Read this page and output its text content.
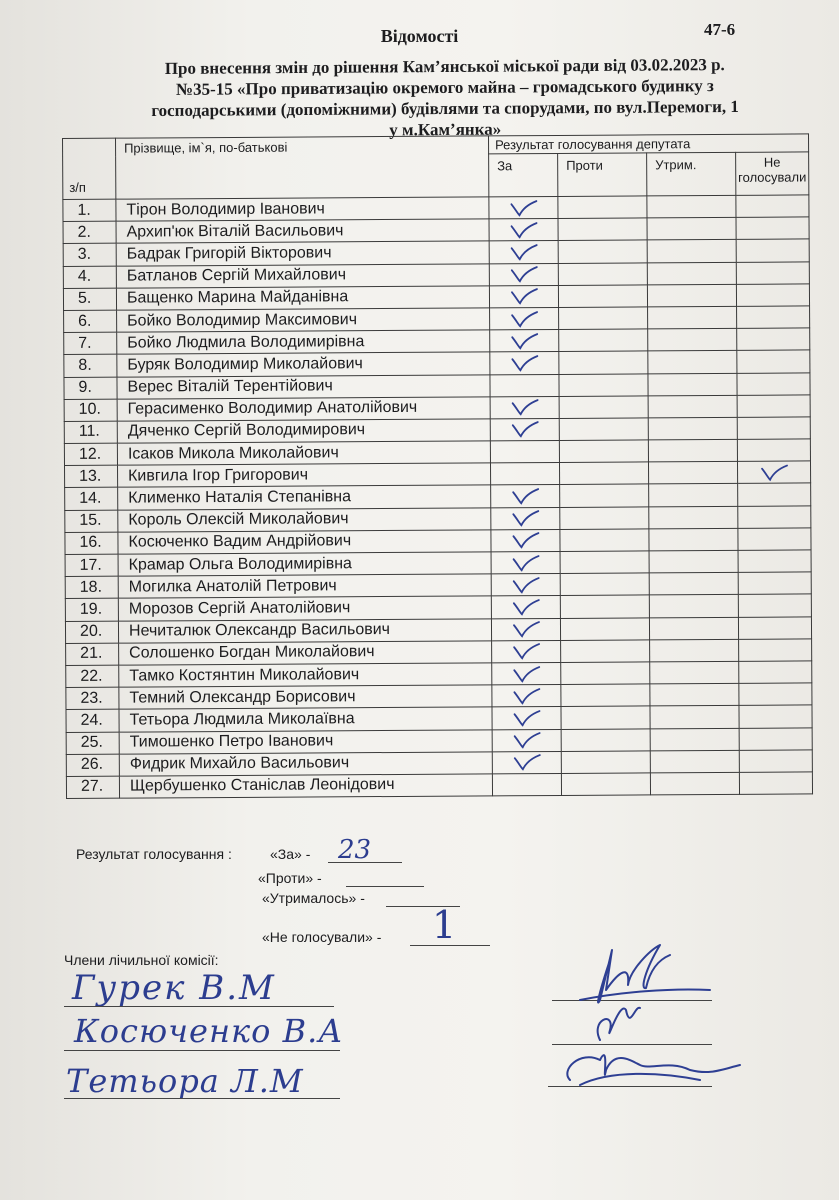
Відомості	47-6
Про внесення змін до рішення Кам’янської міської ради від 03.02.2023 р.
№35-15 «Про приватизацію окремого майна – громадського будинку з
господарськими (допоміжними) будівлями та спорудами, по вул.Перемоги, 1
у м.Кам’янка»
з/п	Прізвище, ім`я, по-батькові	Результат голосування депутата			
		За	Проти	Утрим.	Не голосували
1.	Тірон Володимир Іванович	

2.	Архип'юк Віталій Васильович	

3.	Бадрак Григорій Вікторович	

4.	Батланов Сергій Михайлович	

5.	Бащенко Марина Майданівна	

6.	Бойко Володимир Максимович	

7.	Бойко Людмила Володимирівна	

8.	Буряк Володимир Миколайович	

9.	Верес Віталій Терентійович				
10.	Герасименко Володимир Анатолійович	

11.	Дяченко Сергій Володимирович	

12.	Ісаков Микола Миколайович				
13.	Кивгила Ігор Григорович				

14.	Клименко Наталія Степанівна	

15.	Король Олексій Миколайович	

16.	Косюченко Вадим Андрійович	

17.	Крамар Ольга Володимирівна	

18.	Могилка Анатолій Петрович	

19.	Морозов Сергій Анатолійович	

20.	Нечиталюк Олександр Васильович	

21.	Солошенко Богдан Миколайович	

22.	Тамко Костянтин Миколайович	

23.	Темний Олександр Борисович	

24.	Тетьора Людмила Миколаївна	

25.	Тимошенко Петро Іванович	

26.	Фидрик Михайло Васильович	

27.	Щербушенко Станіслав Леонідович				
Результат голосування :	«За» - 23
«Проти» -
«Утрималось» -
«Не голосували» - 1
Члени лічильної комісії:
Гурек В.М
Косюченко В.А
Тетьора Л.М
